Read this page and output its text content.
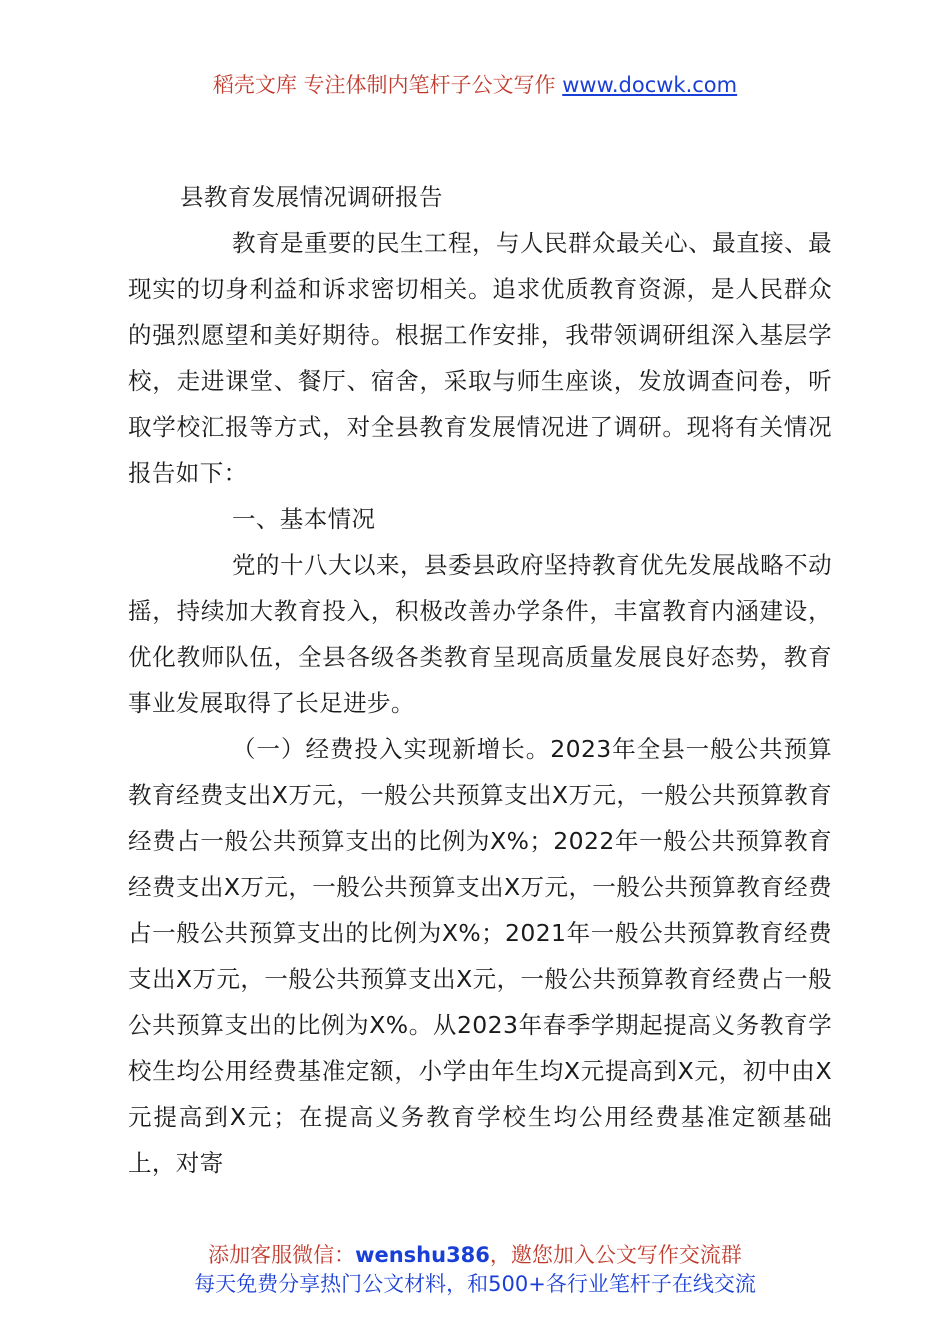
稻壳文库 专注体制内笔杆子公文写作 www.docwk.com

县教育发展情况调研报告

教育是重要的民生工程，与人民群众最关心、最直接、最现实的切身利益和诉求密切相关。追求优质教育资源，是人民群众的强烈愿望和美好期待。根据工作安排，我带领调研组深入基层学校，走进课堂、餐厅、宿舍，采取与师生座谈，发放调查问卷，听取学校汇报等方式，对全县教育发展情况进了调研。现将有关情况报告如下：

一、基本情况

党的十八大以来，县委县政府坚持教育优先发展战略不动摇，持续加大教育投入，积极改善办学条件，丰富教育内涵建设，优化教师队伍，全县各级各类教育呈现高质量发展良好态势，教育事业发展取得了长足进步。

（一）经费投入实现新增长。2023年全县一般公共预算教育经费支出X万元，一般公共预算支出X万元，一般公共预算教育经费占一般公共预算支出的比例为X%；2022年一般公共预算教育经费支出X万元，一般公共预算支出X万元，一般公共预算教育经费占一般公共预算支出的比例为X%；2021年一般公共预算教育经费支出X万元，一般公共预算支出X元，一般公共预算教育经费占一般公共预算支出的比例为X%。从2023年春季学期起提高义务教育学校生均公用经费基准定额，小学由年生均X元提高到X元，初中由X元提高到X元；在提高义务教育学校生均公用经费基准定额基础上，对寄

添加客服微信：wenshu386，邀您加入公文写作交流群
每天免费分享热门公文材料，和500+各行业笔杆子在线交流
